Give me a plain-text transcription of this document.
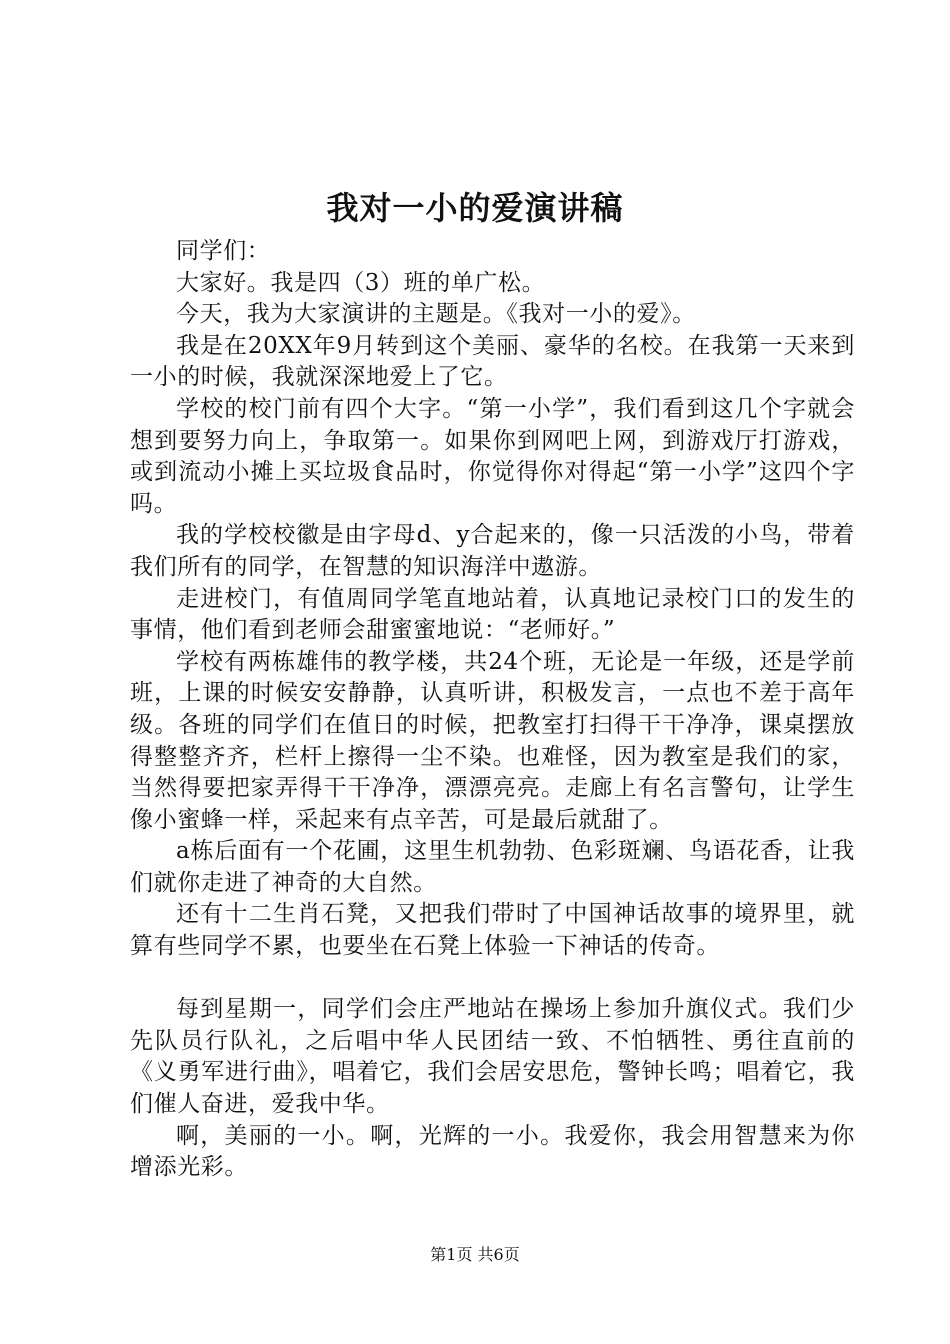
我对一小的爱演讲稿

同学们：

大家好。我是四（3）班的单广松。

今天，我为大家演讲的主题是。《我对一小的爱》。

我是在20XX年9月转到这个美丽、豪华的名校。在我第一天来到一小的时候，我就深深地爱上了它。

学校的校门前有四个大字。“第一小学”，我们看到这几个字就会想到要努力向上，争取第一。如果你到网吧上网，到游戏厅打游戏，或到流动小摊上买垃圾食品时，你觉得你对得起“第一小学”这四个字吗。

我的学校校徽是由字母d、y合起来的，像一只活泼的小鸟，带着我们所有的同学，在智慧的知识海洋中遨游。

走进校门，有值周同学笔直地站着，认真地记录校门口的发生的事情，他们看到老师会甜蜜蜜地说：“老师好。”

学校有两栋雄伟的教学楼，共24个班，无论是一年级，还是学前班，上课的时候安安静静，认真听讲，积极发言，一点也不差于高年级。各班的同学们在值日的时候，把教室打扫得干干净净，课桌摆放得整整齐齐，栏杆上擦得一尘不染。也难怪，因为教室是我们的家，当然得要把家弄得干干净净，漂漂亮亮。走廊上有名言警句，让学生像小蜜蜂一样，采起来有点辛苦，可是最后就甜了。

a栋后面有一个花圃，这里生机勃勃、色彩斑斓、鸟语花香，让我们就你走进了神奇的大自然。

还有十二生肖石凳，又把我们带时了中国神话故事的境界里，就算有些同学不累，也要坐在石凳上体验一下神话的传奇。

每到星期一，同学们会庄严地站在操场上参加升旗仪式。我们少先队员行队礼，之后唱中华人民团结一致、不怕牺牲、勇往直前的《义勇军进行曲》，唱着它，我们会居安思危，警钟长鸣；唱着它，我们催人奋进，爱我中华。

啊，美丽的一小。啊，光辉的一小。我爱你，我会用智慧来为你增添光彩。

第1页 共6页
